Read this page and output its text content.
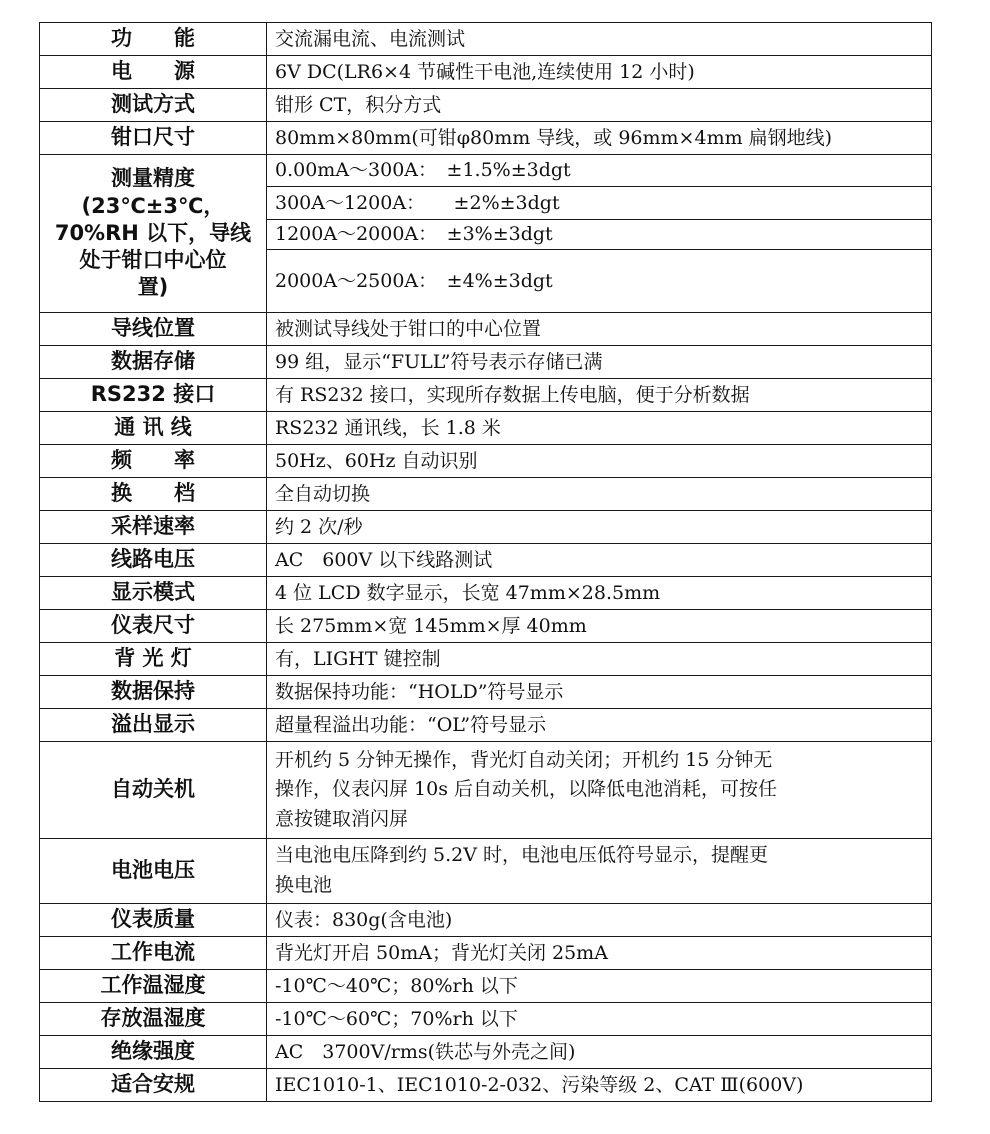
功　　能	交流漏电流、电流测试
电　　源	6V DC(LR6×4 节碱性干电池,连续使用 12 小时)
测试方式	钳形 CT，积分方式
钳口尺寸	80mm×80mm(可钳φ80mm 导线，或 96mm×4mm 扁钢地线)
测量精度
(23℃±3℃，
70%RH 以下，导线
处于钳口中心位
置)	0.00mA～300A：　±1.5%±3dgt
	300A～1200A：　　±2%±3dgt
	1200A～2000A：　±3%±3dgt
	2000A～2500A：　±4%±3dgt
导线位置	被测试导线处于钳口的中心位置
数据存储	99 组，显示“FULL”符号表示存储已满
RS232 接口	有 RS232 接口，实现所存数据上传电脑，便于分析数据
通 讯 线	RS232 通讯线，长 1.8 米
频　　率	50Hz、60Hz 自动识别
换　　档	全自动切换
采样速率	约 2 次/秒
线路电压	AC　600V 以下线路测试
显示模式	4 位 LCD 数字显示，长宽 47mm×28.5mm
仪表尺寸	长 275mm×宽 145mm×厚 40mm
背 光 灯	有，LIGHT 键控制
数据保持	数据保持功能：“HOLD”符号显示
溢出显示	超量程溢出功能：“OL”符号显示
自动关机	开机约 5 分钟无操作，背光灯自动关闭；开机约 15 分钟无
操作，仪表闪屏 10s 后自动关机，以降低电池消耗，可按任
意按键取消闪屏
电池电压	当电池电压降到约 5.2V 时，电池电压低符号显示，提醒更
换电池
仪表质量	仪表：830g(含电池)
工作电流	背光灯开启 50mA；背光灯关闭 25mA
工作温湿度	-10℃～40℃；80%rh 以下
存放温湿度	-10℃～60℃；70%rh 以下
绝缘强度	AC　3700V/rms(铁芯与外壳之间)
适合安规	IEC1010-1、IEC1010-2-032、污染等级 2、CAT Ⅲ(600V)
